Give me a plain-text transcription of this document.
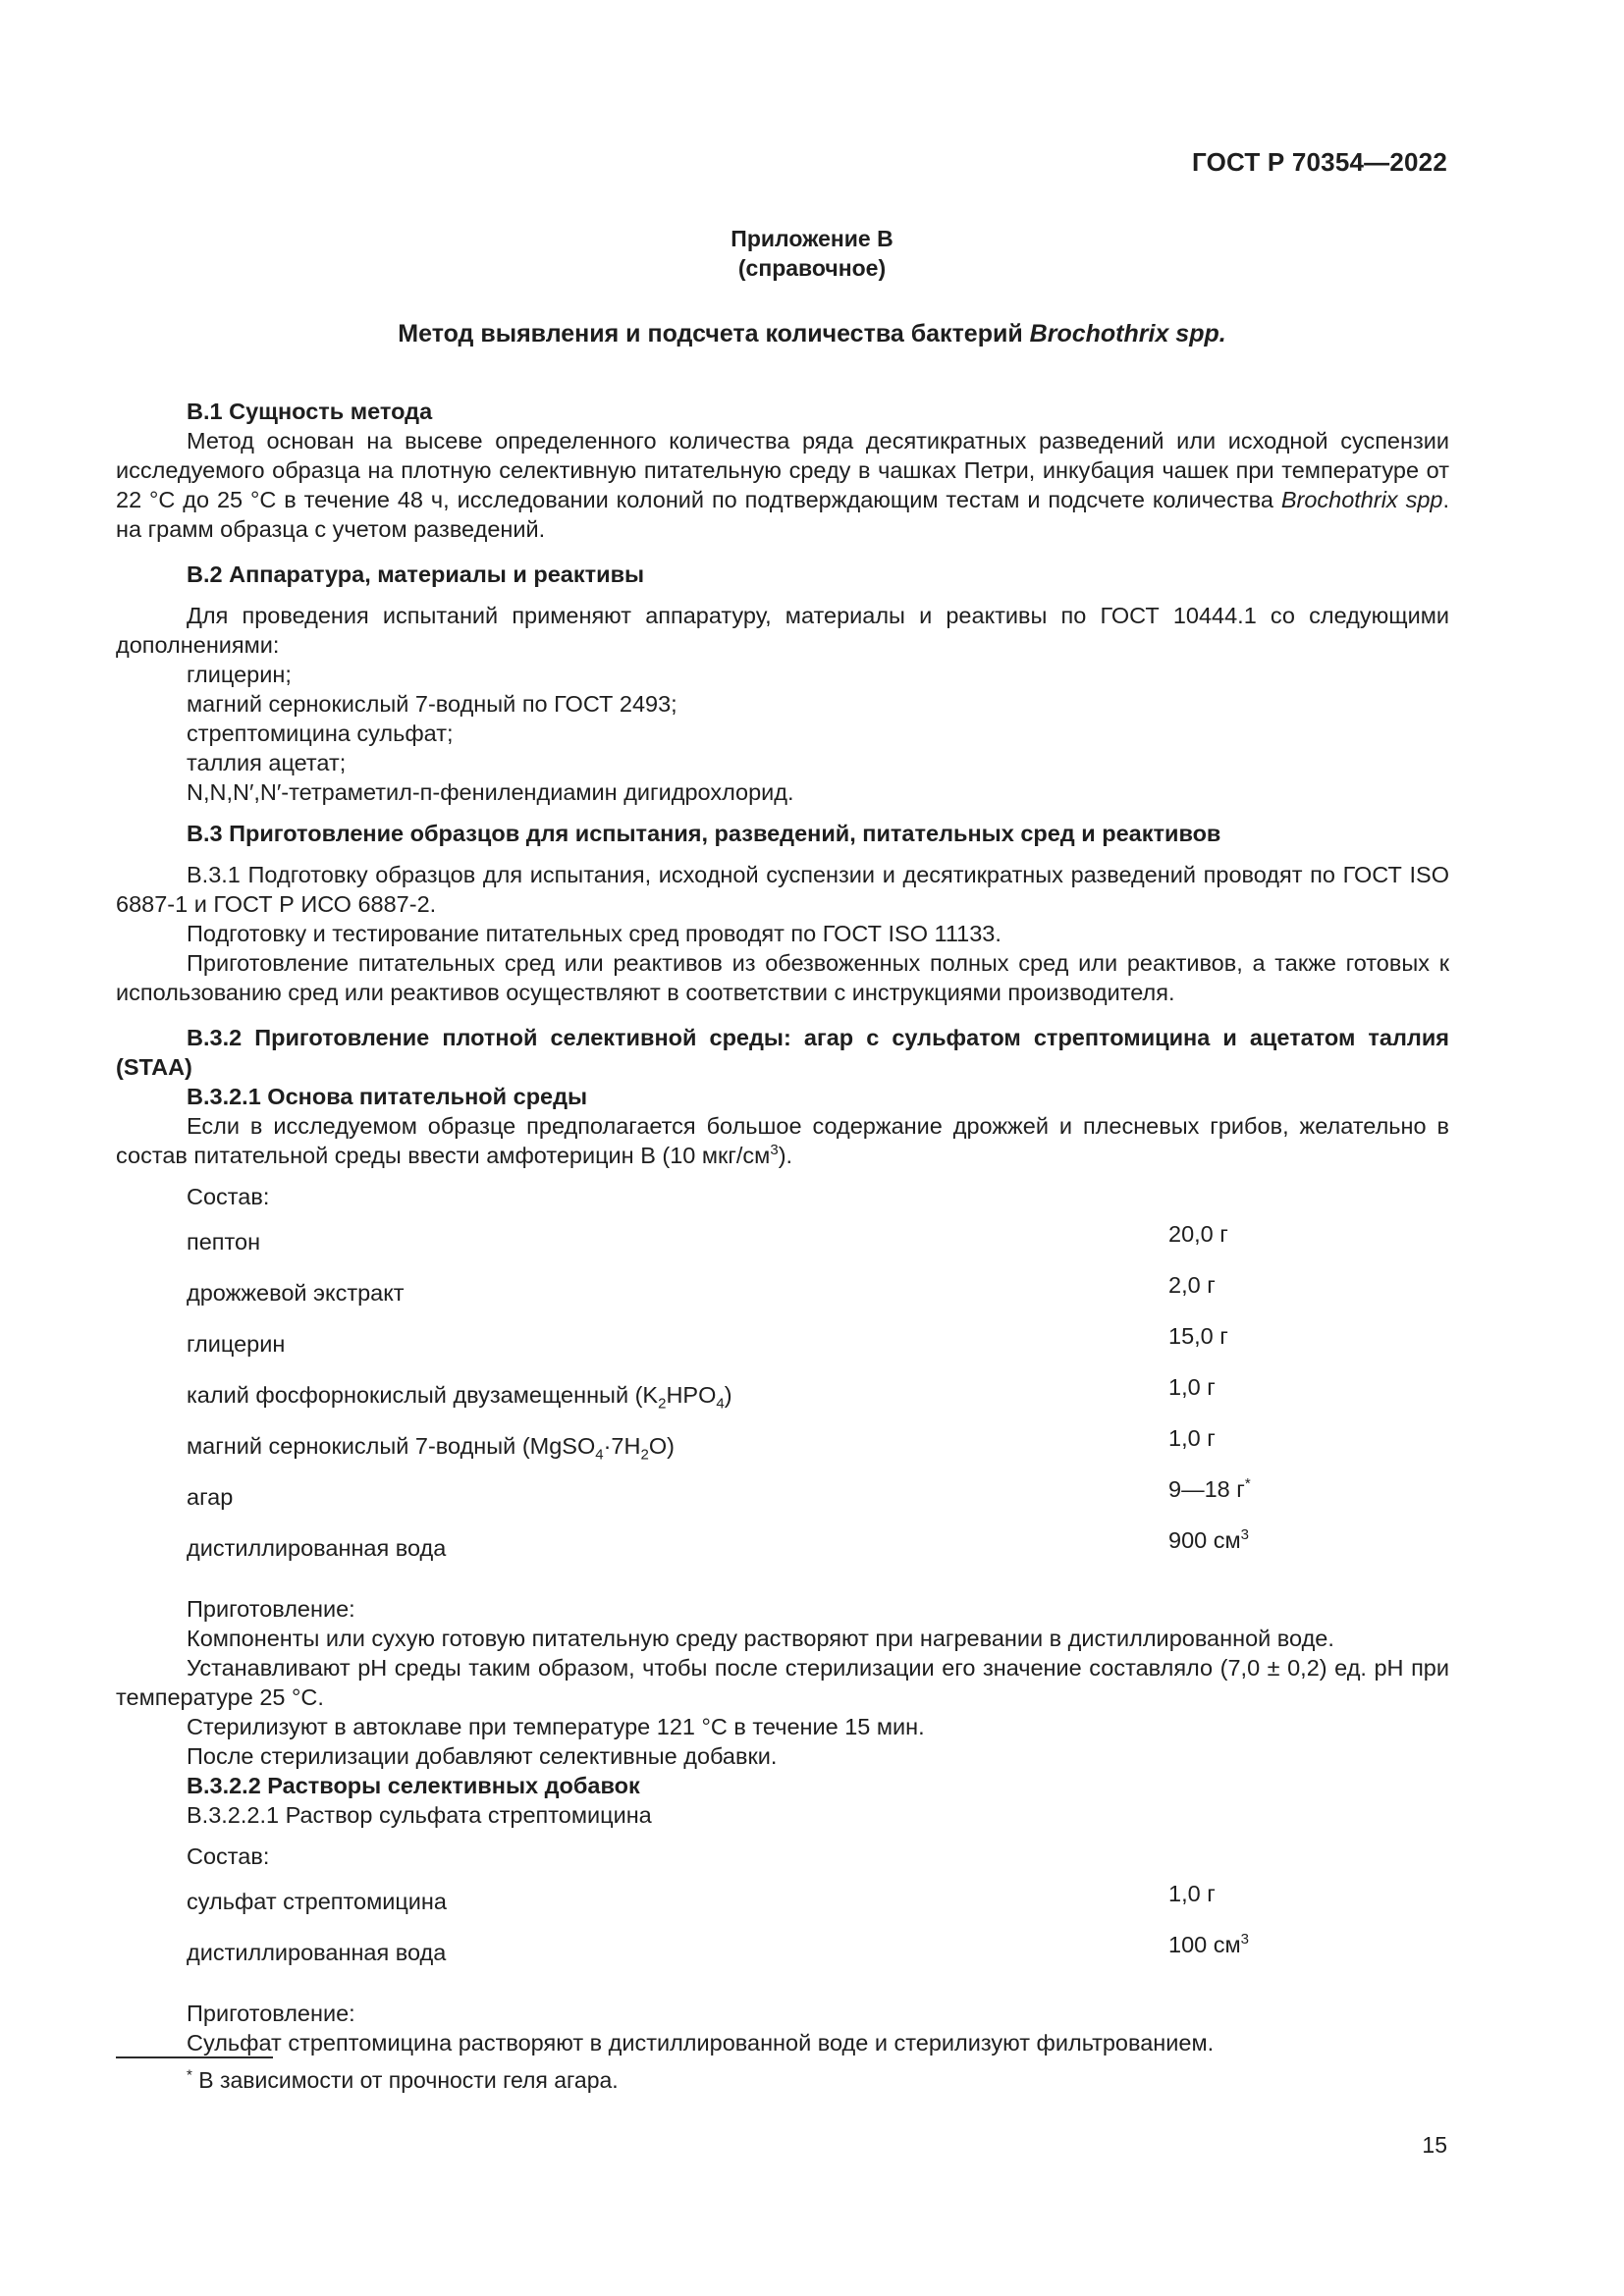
ГОСТ Р 70354—2022
Приложение В
(справочное)
Метод выявления и подсчета количества бактерий Brochothrix spp.

В.1 Сущность метода

Метод основан на высеве определенного количества ряда десятикратных разведений или исходной суспензии исследуемого образца на плотную селективную питательную среду в чашках Петри, инкубация чашек при температуре от 22 °С до 25 °С в течение 48 ч, исследовании колоний по подтверждающим тестам и подсчете количества Brochothrix spp. на грамм образца с учетом разведений.

В.2 Аппаратура, материалы и реактивы

Для проведения испытаний применяют аппаратуру, материалы и реактивы по ГОСТ 10444.1 со следующими дополнениями:

глицерин;

магний сернокислый 7-водный по ГОСТ 2493;

стрептомицина сульфат;

таллия ацетат;

N,N,N′,N′-тетраметил-п-фенилендиамин дигидрохлорид.

В.3 Приготовление образцов для испытания, разведений, питательных сред и реактивов

В.3.1 Подготовку образцов для испытания, исходной суспензии и десятикратных разведений проводят по ГОСТ ISO 6887-1 и ГОСТ Р ИСО 6887-2.

Подготовку и тестирование питательных сред проводят по ГОСТ ISO 11133.

Приготовление питательных сред или реактивов из обезвоженных полных сред или реактивов, а также готовых к использованию сред или реактивов осуществляют в соответствии с инструкциями производителя.

В.3.2 Приготовление плотной селективной среды: агар с сульфатом стрептомицина и ацетатом таллия (STAA)

В.3.2.1 Основа питательной среды

Если в исследуемом образце предполагается большое содержание дрожжей и плесневых грибов, желательно в состав питательной среды ввести амфотерицин В (10 мкг/$см^3$).

Состав:

пептон	20,0 г
дрожжевой экстракт	2,0 г
глицерин	15,0 г
калий фосфорнокислый двузамещенный $(K_2HPO_4)$	1,0 г
магний сернокислый 7-водный $(MgSO_4\cdot 7H_2O)$	1,0 г
агар	9—18 г*
дистиллированная вода	900 $см^3$

Приготовление:

Компоненты или сухую готовую питательную среду растворяют при нагревании в дистиллированной воде.

Устанавливают рН среды таким образом, чтобы после стерилизации его значение составляло (7,0 ± 0,2) ед. рН при температуре 25 °С.

Стерилизуют в автоклаве при температуре 121 °С в течение 15 мин.

После стерилизации добавляют селективные добавки.

В.3.2.2 Растворы селективных добавок

В.3.2.2.1 Раствор сульфата стрептомицина

Состав:

сульфат стрептомицина	1,0 г
дистиллированная вода	100 $см^3$

Приготовление:

Сульфат стрептомицина растворяют в дистиллированной воде и стерилизуют фильтрованием.

* В зависимости от прочности геля агара.
15
